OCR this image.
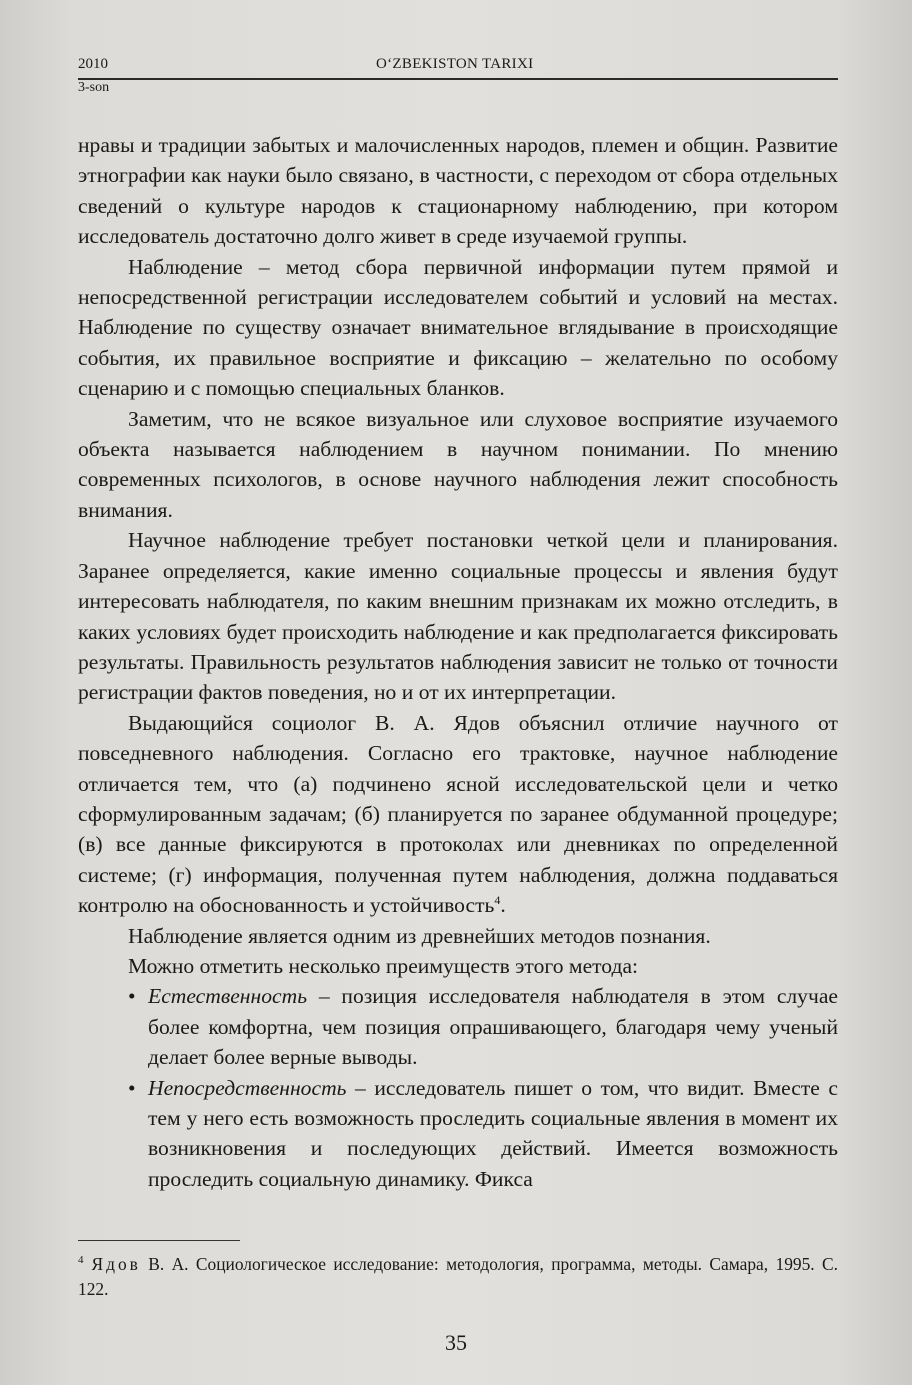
2010	O‘ZBEKISTON TARIXI
3-son

нравы и традиции забытых и малочисленных народов, племен и общин. Развитие этнографии как науки было связано, в частности, с переходом от сбора отдельных сведений о культуре народов к стационарному наблюдению, при котором исследователь достаточно долго живет в среде изучаемой группы.

Наблюдение – метод сбора первичной информации путем прямой и непосредственной регистрации исследователем событий и условий на местах. Наблюдение по существу означает внимательное вглядывание в происходящие события, их правильное восприятие и фиксацию – желательно по особому сценарию и с помощью специальных бланков.

Заметим, что не всякое визуальное или слуховое восприятие изучаемого объекта называется наблюдением в научном понимании. По мнению современных психологов, в основе научного наблюдения лежит способность внимания.

Научное наблюдение требует постановки четкой цели и планирования. Заранее определяется, какие именно социальные процессы и явления будут интересовать наблюдателя, по каким внешним признакам их можно отследить, в каких условиях будет происходить наблюдение и как предполагается фиксировать результаты. Правильность результатов наблюдения зависит не только от точности регистрации фактов поведения, но и от их интерпретации.

Выдающийся социолог В. А. Ядов объяснил отличие научного от повседневного наблюдения. Согласно его трактовке, научное наблюдение отличается тем, что (а) подчинено ясной исследовательской цели и четко сформулированным задачам; (б) планируется по заранее обдуманной процедуре; (в) все данные фиксируются в протоколах или дневниках по определенной системе; (г) информация, полученная путем наблюдения, должна поддаваться контролю на обоснованность и устойчивость$^4$.

Наблюдение является одним из древнейших методов познания.

Можно отметить несколько преимуществ этого метода:

• Естественность – позиция исследователя наблюдателя в этом случае более комфортна, чем позиция опрашивающего, благодаря чему ученый делает более верные выводы.
• Непосредственность – исследователь пишет о том, что видит. Вместе с тем у него есть возможность проследить социальные явления в момент их возникновения и последующих действий. Имеется возможность проследить социальную динамику. Фикса
$^4$ Ядов В. А. Социологическое исследование: методология, программа, методы. Самара, 1995. С. 122.
35
